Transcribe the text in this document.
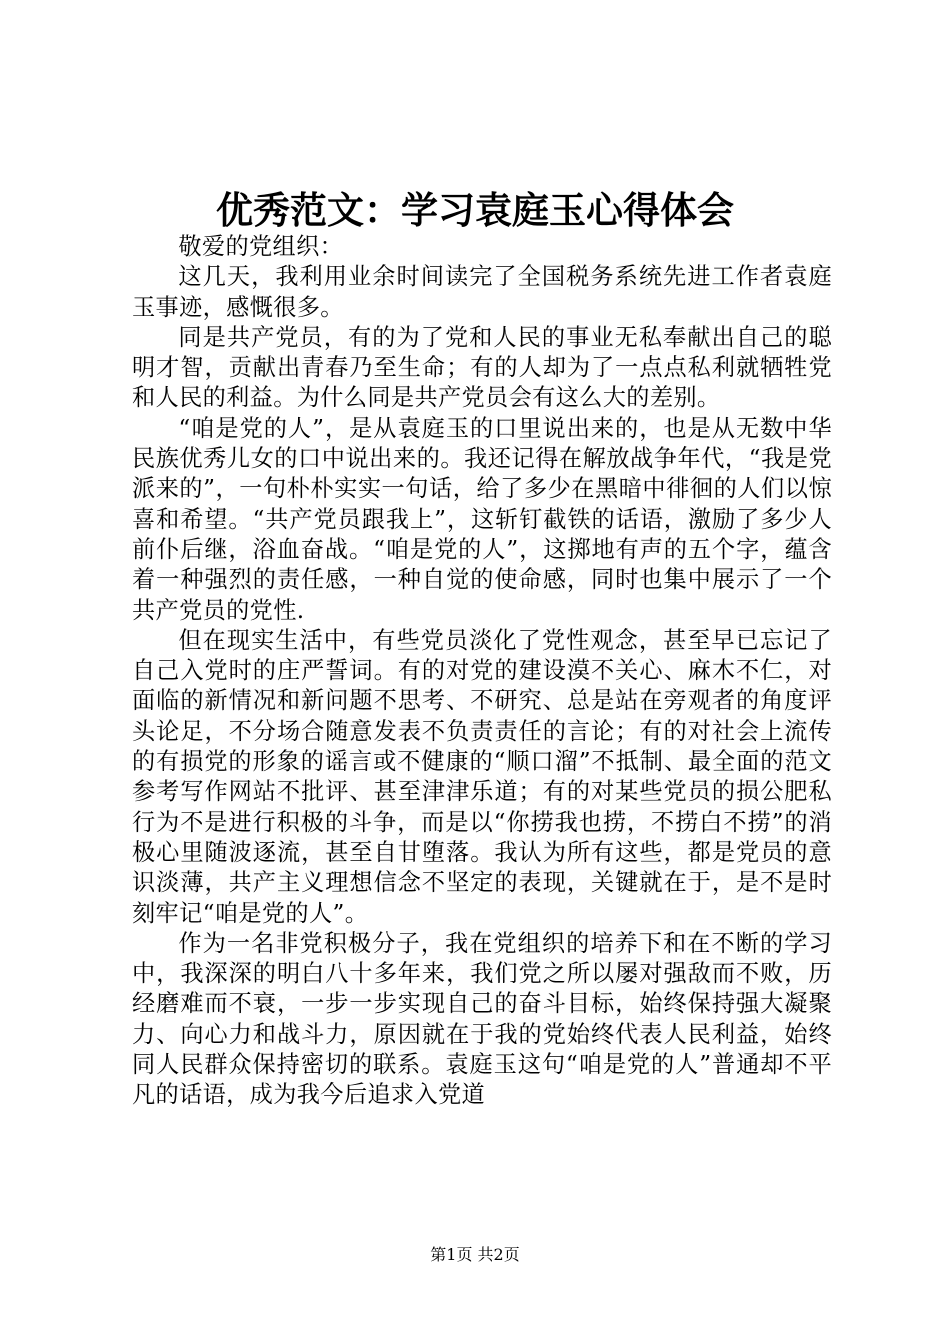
优秀范文：学习袁庭玉心得体会

敬爱的党组织：

这几天，我利用业余时间读完了全国税务系统先进工作者袁庭玉事迹，感慨很多。

同是共产党员，有的为了党和人民的事业无私奉献出自己的聪明才智，贡献出青春乃至生命；有的人却为了一点点私利就牺牲党和人民的利益。为什么同是共产党员会有这么大的差别。

“咱是党的人”，是从袁庭玉的口里说出来的，也是从无数中华民族优秀儿女的口中说出来的。我还记得在解放战争年代，“我是党派来的”，一句朴朴实实一句话，给了多少在黑暗中徘徊的人们以惊喜和希望。“共产党员跟我上”，这斩钉截铁的话语，激励了多少人前仆后继，浴血奋战。“咱是党的人”，这掷地有声的五个字，蕴含着一种强烈的责任感，一种自觉的使命感，同时也集中展示了一个共产党员的党性.

但在现实生活中，有些党员淡化了党性观念，甚至早已忘记了自己入党时的庄严誓词。有的对党的建设漠不关心、麻木不仁，对面临的新情况和新问题不思考、不研究、总是站在旁观者的角度评头论足，不分场合随意发表不负责责任的言论；有的对社会上流传的有损党的形象的谣言或不健康的“顺口溜”不抵制、最全面的范文参考写作网站不批评、甚至津津乐道；有的对某些党员的损公肥私行为不是进行积极的斗争，而是以“你捞我也捞，不捞白不捞”的消极心里随波逐流，甚至自甘堕落。我认为所有这些，都是党员的意识淡薄，共产主义理想信念不坚定的表现，关键就在于，是不是时刻牢记“咱是党的人”。

作为一名非党积极分子，我在党组织的培养下和在不断的学习中，我深深的明白八十多年来，我们党之所以屡对强敌而不败，历经磨难而不衰，一步一步实现自己的奋斗目标，始终保持强大凝聚力、向心力和战斗力，原因就在于我的党始终代表人民利益，始终同人民群众保持密切的联系。袁庭玉这句“咱是党的人”普通却不平凡的话语，成为我今后追求入党道

第1页 共2页
